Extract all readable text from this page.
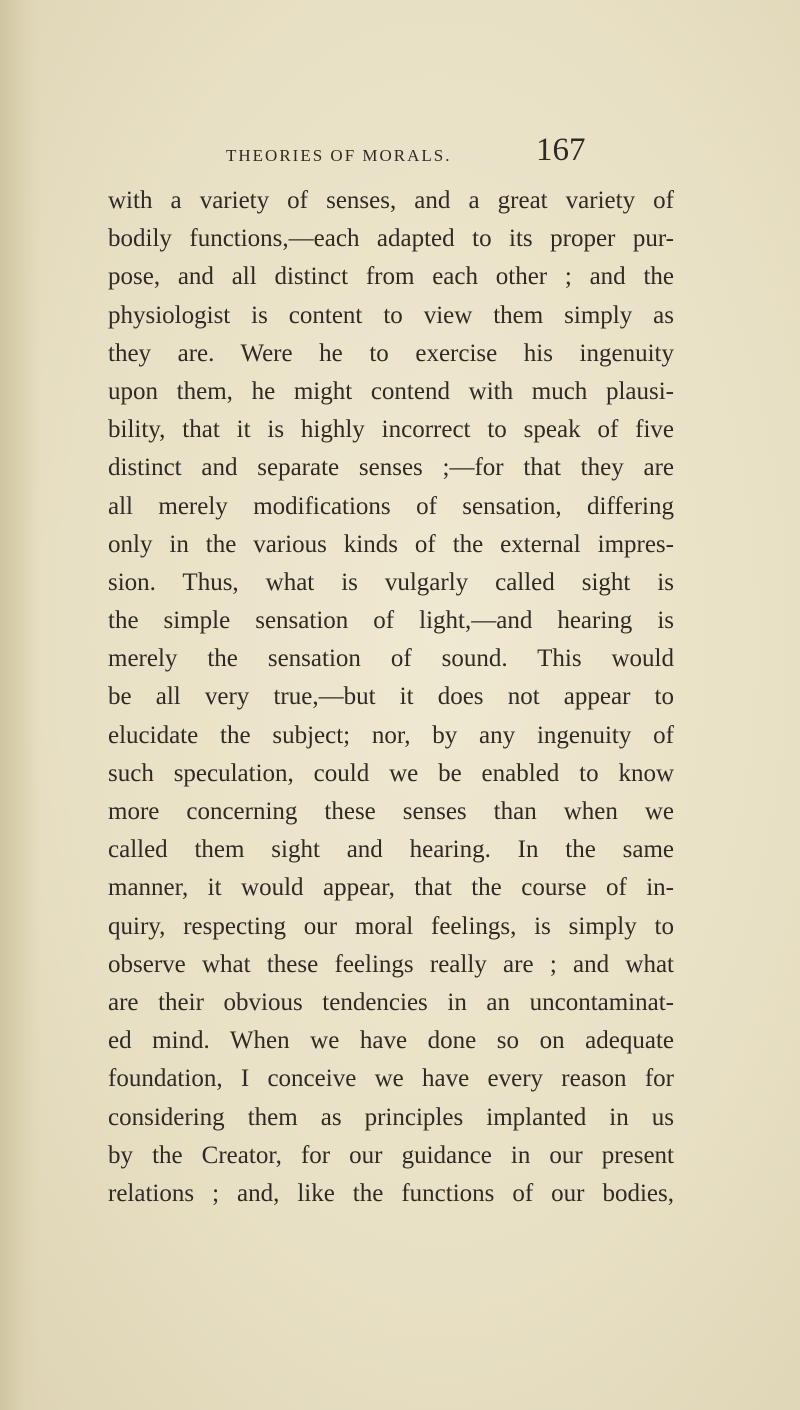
THEORIES OF MORALS.	167
with a variety of senses, and a great variety of
bodily functions,—each adapted to its proper pur-
pose, and all distinct from each other ; and the
physiologist is content to view them simply as
they are. Were he to exercise his ingenuity
upon them, he might contend with much plausi-
bility, that it is highly incorrect to speak of five
distinct and separate senses ;—for that they are
all merely modifications of sensation, differing
only in the various kinds of the external impres-
sion. Thus, what is vulgarly called sight is
the simple sensation of light,—and hearing is
merely the sensation of sound. This would
be all very true,—but it does not appear to
elucidate the subject; nor, by any ingenuity of
such speculation, could we be enabled to know
more concerning these senses than when we
called them sight and hearing. In the same
manner, it would appear, that the course of in-
quiry, respecting our moral feelings, is simply to
observe what these feelings really are ; and what
are their obvious tendencies in an uncontaminat-
ed mind. When we have done so on adequate
foundation, I conceive we have every reason for
considering them as principles implanted in us
by the Creator, for our guidance in our present
relations ; and, like the functions of our bodies,
